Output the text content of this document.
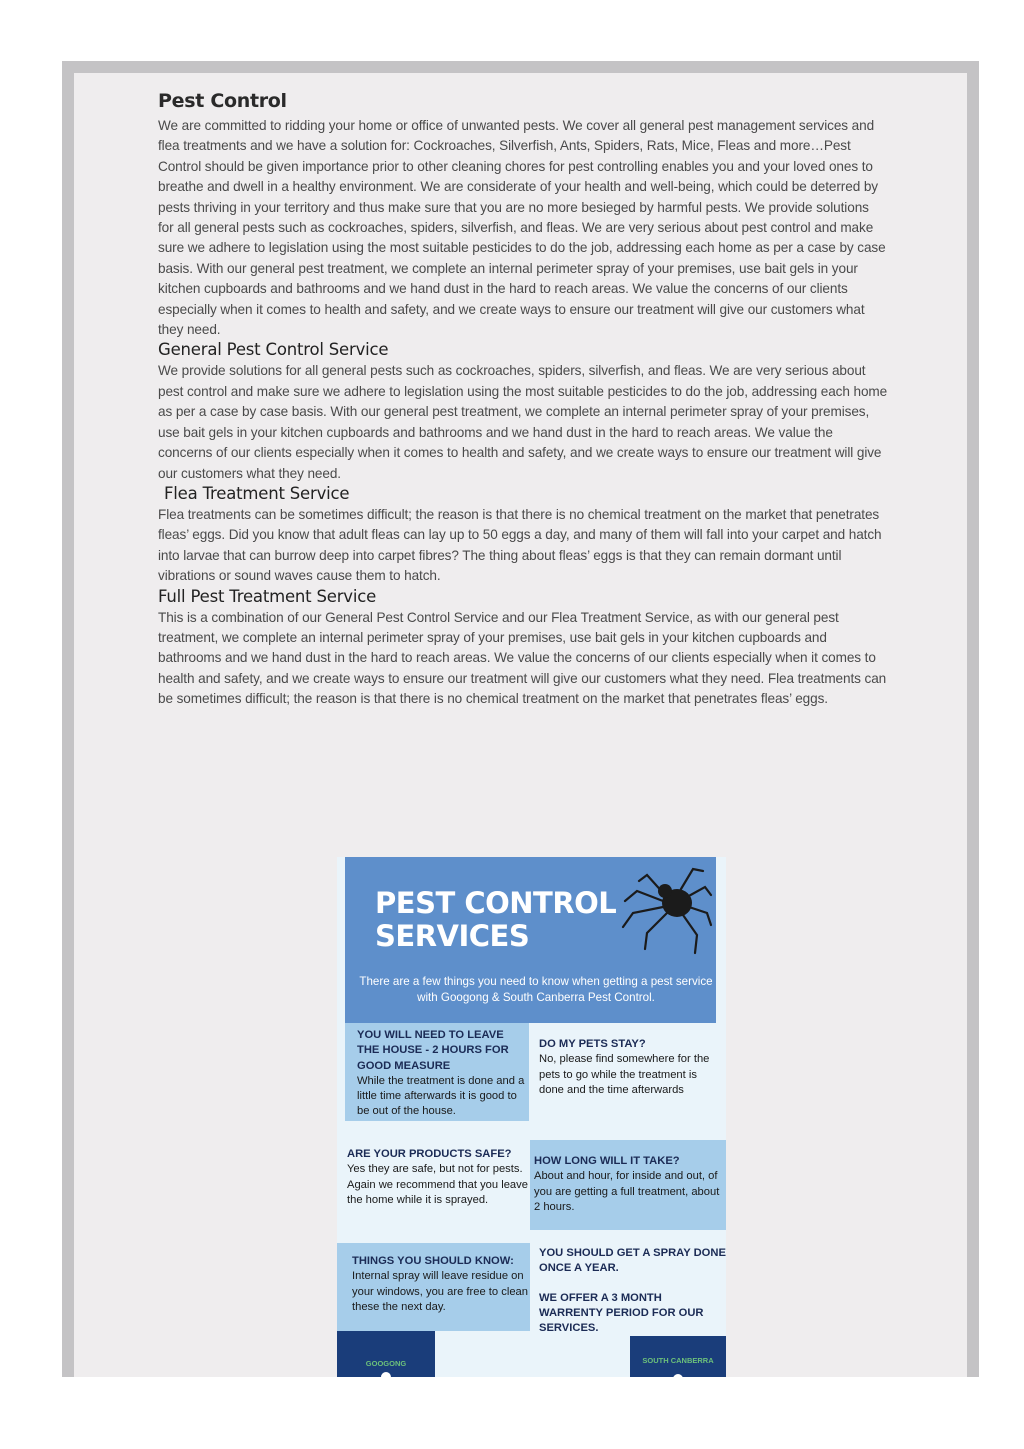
Pest Control

We are committed to ridding your home or office of unwanted pests. We cover all general pest management services and flea treatments and we have a solution for: Cockroaches, Silverfish, Ants, Spiders, Rats, Mice, Fleas and more…Pest Control should be given importance prior to other cleaning chores for pest controlling enables you and your loved ones to breathe and dwell in a healthy environment. We are considerate of your health and well-being, which could be deterred by pests thriving in your territory and thus make sure that you are no more besieged by harmful pests. We provide solutions for all general pests such as cockroaches, spiders, silverfish, and fleas. We are very serious about pest control and make sure we adhere to legislation using the most suitable pesticides to do the job, addressing each home as per a case by case basis. With our general pest treatment, we complete an internal perimeter spray of your premises, use bait gels in your kitchen cupboards and bathrooms and we hand dust in the hard to reach areas. We value the concerns of our clients especially when it comes to health and safety, and we create ways to ensure our treatment will give our customers what they need.

General Pest Control Service

We provide solutions for all general pests such as cockroaches, spiders, silverfish, and fleas. We are very serious about pest control and make sure we adhere to legislation using the most suitable pesticides to do the job, addressing each home as per a case by case basis. With our general pest treatment, we complete an internal perimeter spray of your premises, use bait gels in your kitchen cupboards and bathrooms and we hand dust in the hard to reach areas. We value the concerns of our clients especially when it comes to health and safety, and we create ways to ensure our treatment will give our customers what they need.

Flea Treatment Service

Flea treatments can be sometimes difficult; the reason is that there is no chemical treatment on the market that penetrates fleas’ eggs. Did you know that adult fleas can lay up to 50 eggs a day, and many of them will fall into your carpet and hatch into larvae that can burrow deep into carpet fibres? The thing about fleas’ eggs is that they can remain dormant until vibrations or sound waves cause them to hatch.

Full Pest Treatment Service

This is a combination of our General Pest Control Service and our Flea Treatment Service, as with our general pest treatment, we complete an internal perimeter spray of your premises, use bait gels in your kitchen cupboards and bathrooms and we hand dust in the hard to reach areas. We value the concerns of our clients especially when it comes to health and safety, and we create ways to ensure our treatment will give our customers what they need. Flea treatments can be sometimes difficult; the reason is that there is no chemical treatment on the market that penetrates fleas’ eggs.

PEST CONTROL
SERVICES
There are a few things you need to know when getting a pest service with Googong & South Canberra Pest Control.
YOU WILL NEED TO LEAVE THE HOUSE - 2 HOURS FOR GOOD MEASURE
While the treatment is done and a little time afterwards it is good to be out of the house.
DO MY PETS STAY?
No, please find somewhere for the pets to go while the treatment is done and the time afterwards
ARE YOUR PRODUCTS SAFE?
Yes they are safe, but not for pests. Again we recommend that you leave the home while it is sprayed.
HOW LONG WILL IT TAKE?
About and hour, for inside and out, of you are getting a full treatment, about 2 hours.
THINGS YOU SHOULD KNOW:
Internal spray will leave residue on your windows, you are free to clean these the next day.
YOU SHOULD GET A SPRAY DONE ONCE A YEAR.
WE OFFER A 3 MONTH WARRENTY PERIOD FOR OUR SERVICES.
GOOGONG	SOUTH CANBERRA
